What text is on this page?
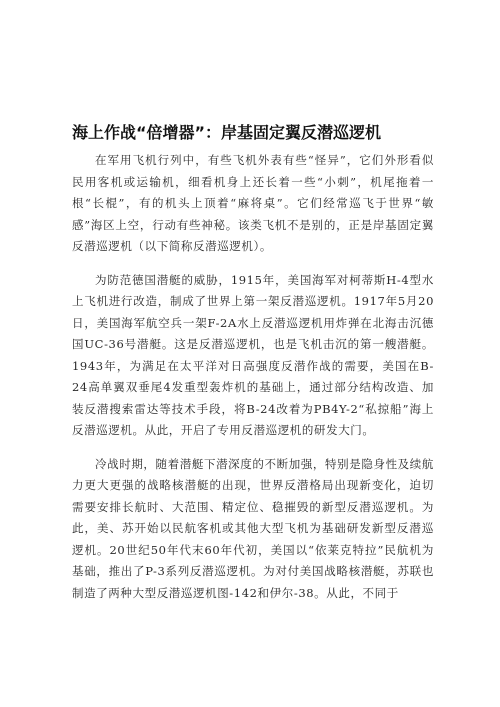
海上作战“倍增器”：岸基固定翼反潜巡逻机

在军用飞机行列中，有些飞机外表有些“怪异”，它们外形看似民用客机或运输机，细看机身上还长着一些“小刺”，机尾拖着一根“长棍”，有的机头上顶着“麻将桌”。它们经常巡飞于世界“敏感”海区上空，行动有些神秘。该类飞机不是别的，正是岸基固定翼反潜巡逻机（以下简称反潜巡逻机）。

为防范德国潜艇的威胁，1915年，美国海军对柯蒂斯H-4型水上飞机进行改造，制成了世界上第一架反潜巡逻机。1917年5月20日，美国海军航空兵一架F-2A水上反潜巡逻机用炸弹在北海击沉德国UC-36号潜艇。这是反潜巡逻机，也是飞机击沉的第一艘潜艇。1943年，为满足在太平洋对日高强度反潜作战的需要，美国在B-24高单翼双垂尾4发重型轰炸机的基础上，通过部分结构改造、加装反潜搜索雷达等技术手段，将B-24改着为PB4Y-2“私掠船”海上反潜巡逻机。从此，开启了专用反潜巡逻机的研发大门。

冷战时期，随着潜艇下潜深度的不断加强，特别是隐身性及续航力更大更强的战略核潜艇的出现，世界反潜格局出现新变化，迫切需要安排长航时、大范围、精定位、稳摧毁的新型反潜巡逻机。为此，美、苏开始以民航客机或其他大型飞机为基础研发新型反潜巡逻机。20世纪50年代末60年代初，美国以“依莱克特拉”民航机为基础，推出了P-3系列反潜巡逻机。为对付美国战略核潜艇，苏联也制造了两种大型反潜巡逻机图-142和伊尔-38。从此，不同于
